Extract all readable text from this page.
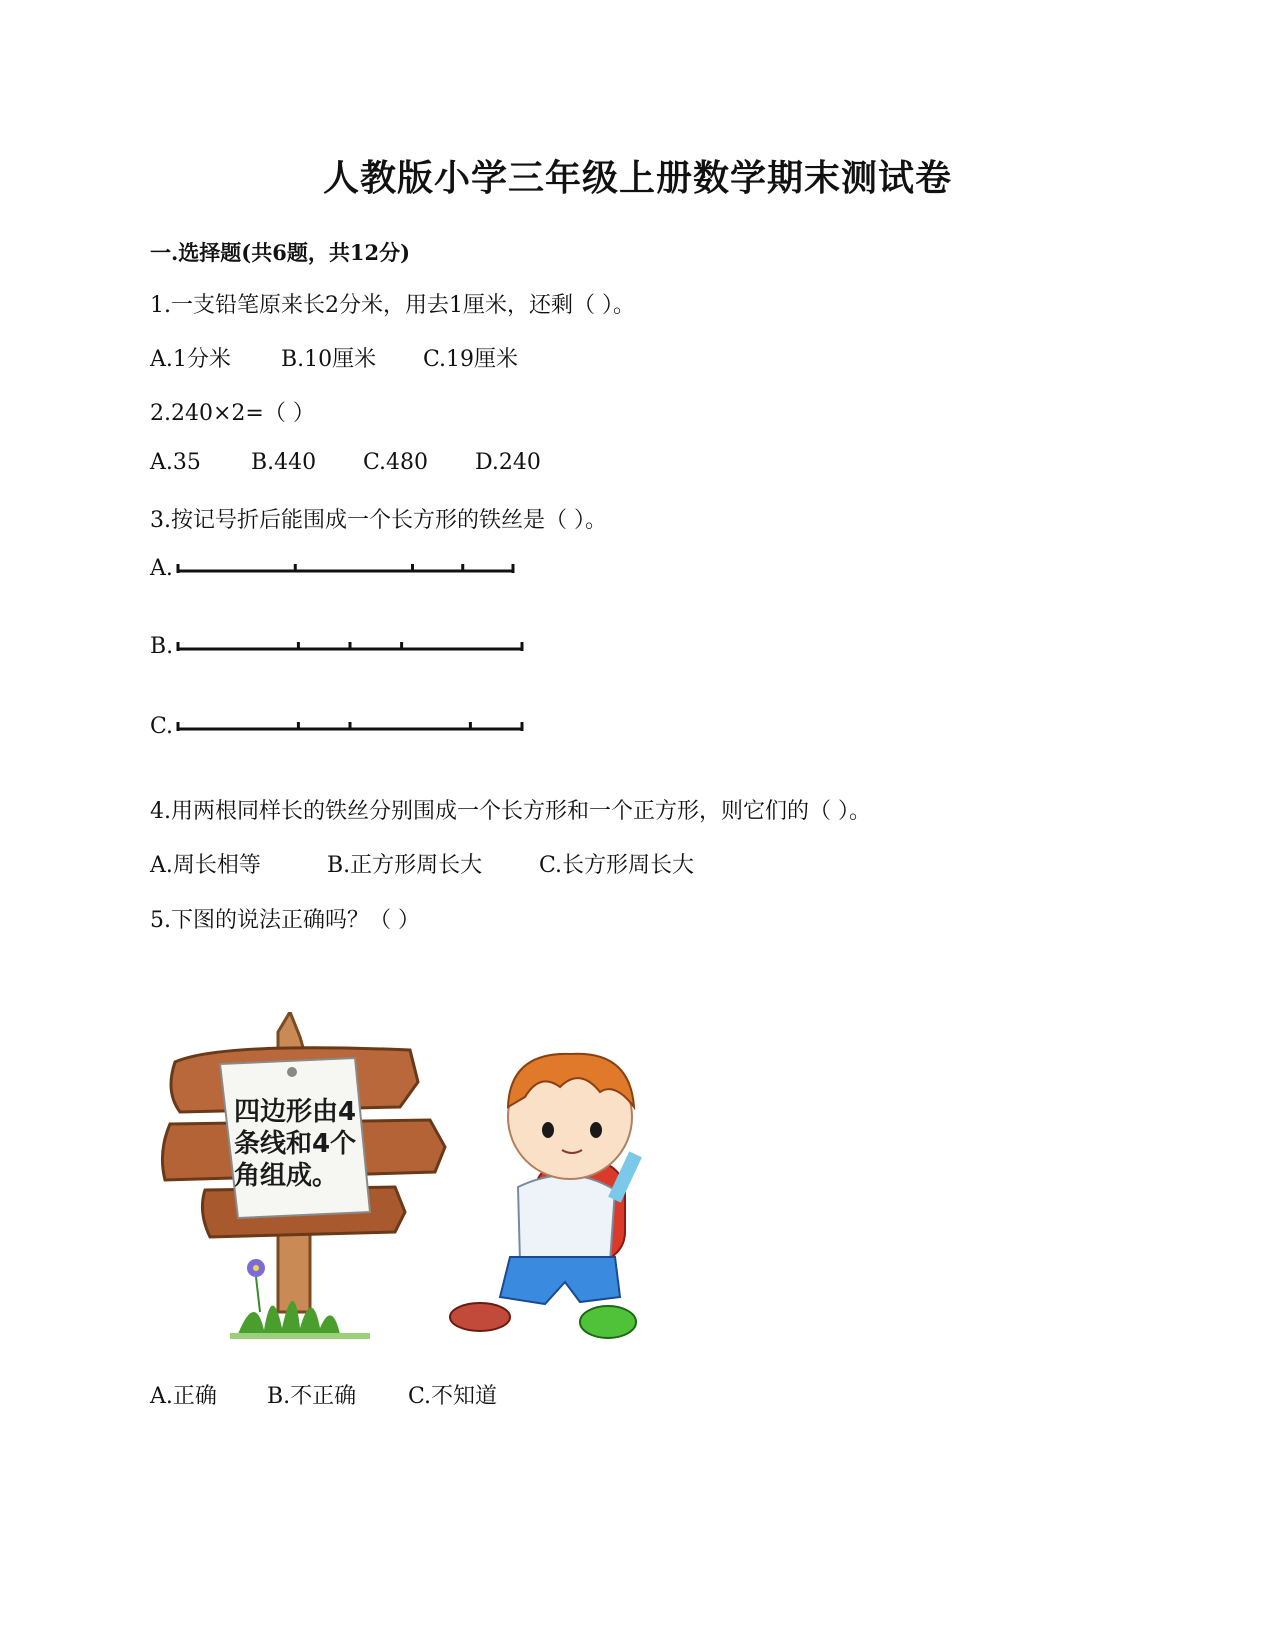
人教版小学三年级上册数学期末测试卷
一.选择题(共6题，共12分)
1.一支铅笔原来长2分米，用去1厘米，还剩（ ）。
A.1分米 B.10厘米 C.19厘米
2.240×2=（ ）
A.35 B.440 C.480 D.240
3.按记号折后能围成一个长方形的铁丝是（ ）。
A.
B.
C.
4.用两根同样长的铁丝分别围成一个长方形和一个正方形，则它们的（ ）。
A.周长相等	B.正方形周长大	C.长方形周长大
5.下图的说法正确吗？（ ）
四边形由4
条线和4个
角组成。
A.正确 B.不正确 C.不知道
